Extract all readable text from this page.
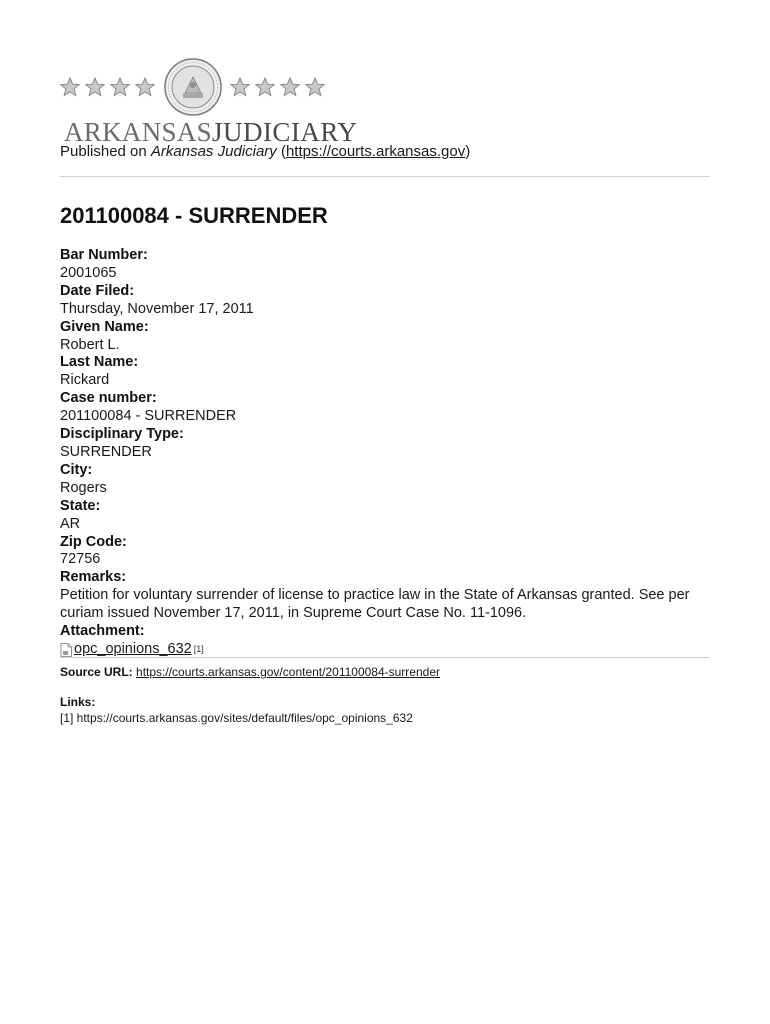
ARKANSASJUDICIARY
Published on Arkansas Judiciary (https://courts.arkansas.gov)
201100084 - SURRENDER
Bar Number:
2001065
Date Filed:
Thursday, November 17, 2011
Given Name:
Robert L.
Last Name:
Rickard
Case number:
201100084 - SURRENDER
Disciplinary Type:
SURRENDER
City:
Rogers
State:
AR
Zip Code:
72756
Remarks:
Petition for voluntary surrender of license to practice law in the State of Arkansas granted. See per curiam issued November 17, 2011, in Supreme Court Case No. 11-1096.
Attachment:
opc_opinions_632 [1]
Source URL: https://courts.arkansas.gov/content/201100084-surrender
Links:
[1] https://courts.arkansas.gov/sites/default/files/opc_opinions_632
